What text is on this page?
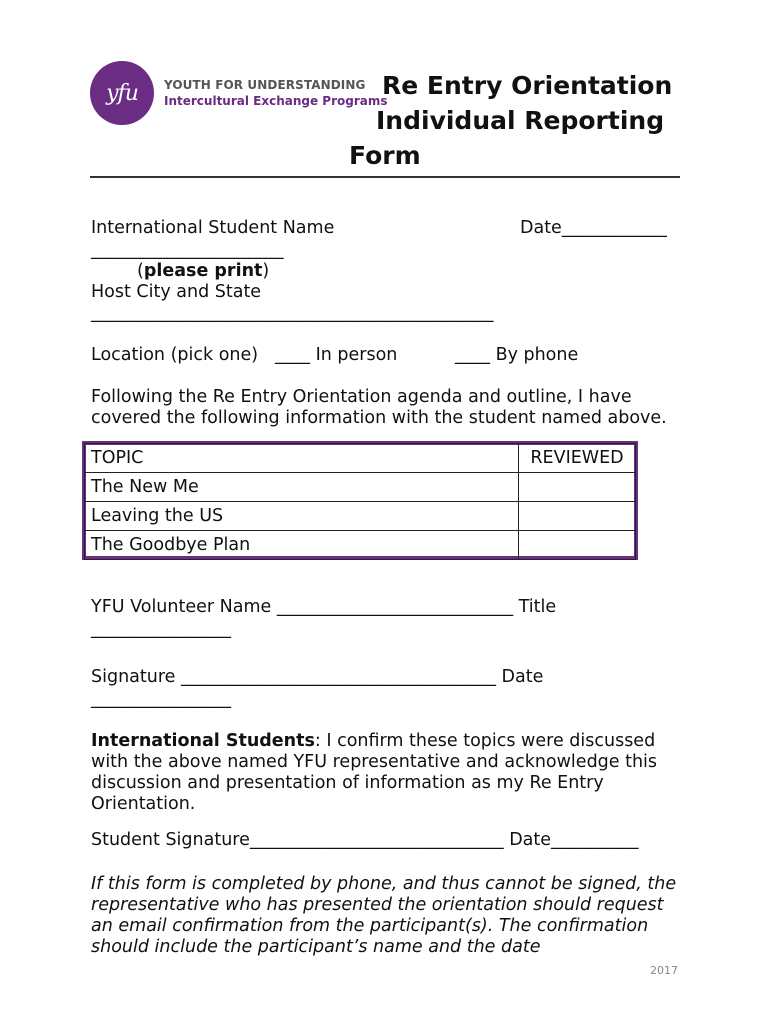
yfu	YOUTH FOR UNDERSTANDING
Intercultural Exchange Programs
Re Entry Orientation
Individual Reporting
Form
International Student Name	Date____________
______________________
(please print)
Host City and State
______________________________________________
Location (pick one) ____ In person	____ By phone
Following the Re Entry Orientation agenda and outline, I have covered the following information with the student named above.
TOPIC	REVIEWED
The New Me	
Leaving the US	
The Goodbye Plan	
YFU Volunteer Name ___________________________ Title
________________
Signature ____________________________________ Date
________________
International Students: I confirm these topics were discussed with the above named YFU representative and acknowledge this discussion and presentation of information as my Re Entry Orientation.
Student Signature_____________________________ Date__________
If this form is completed by phone, and thus cannot be signed, the representative who has presented the orientation should request an email confirmation from the participant(s). The confirmation should include the participant’s name and the date
2017
